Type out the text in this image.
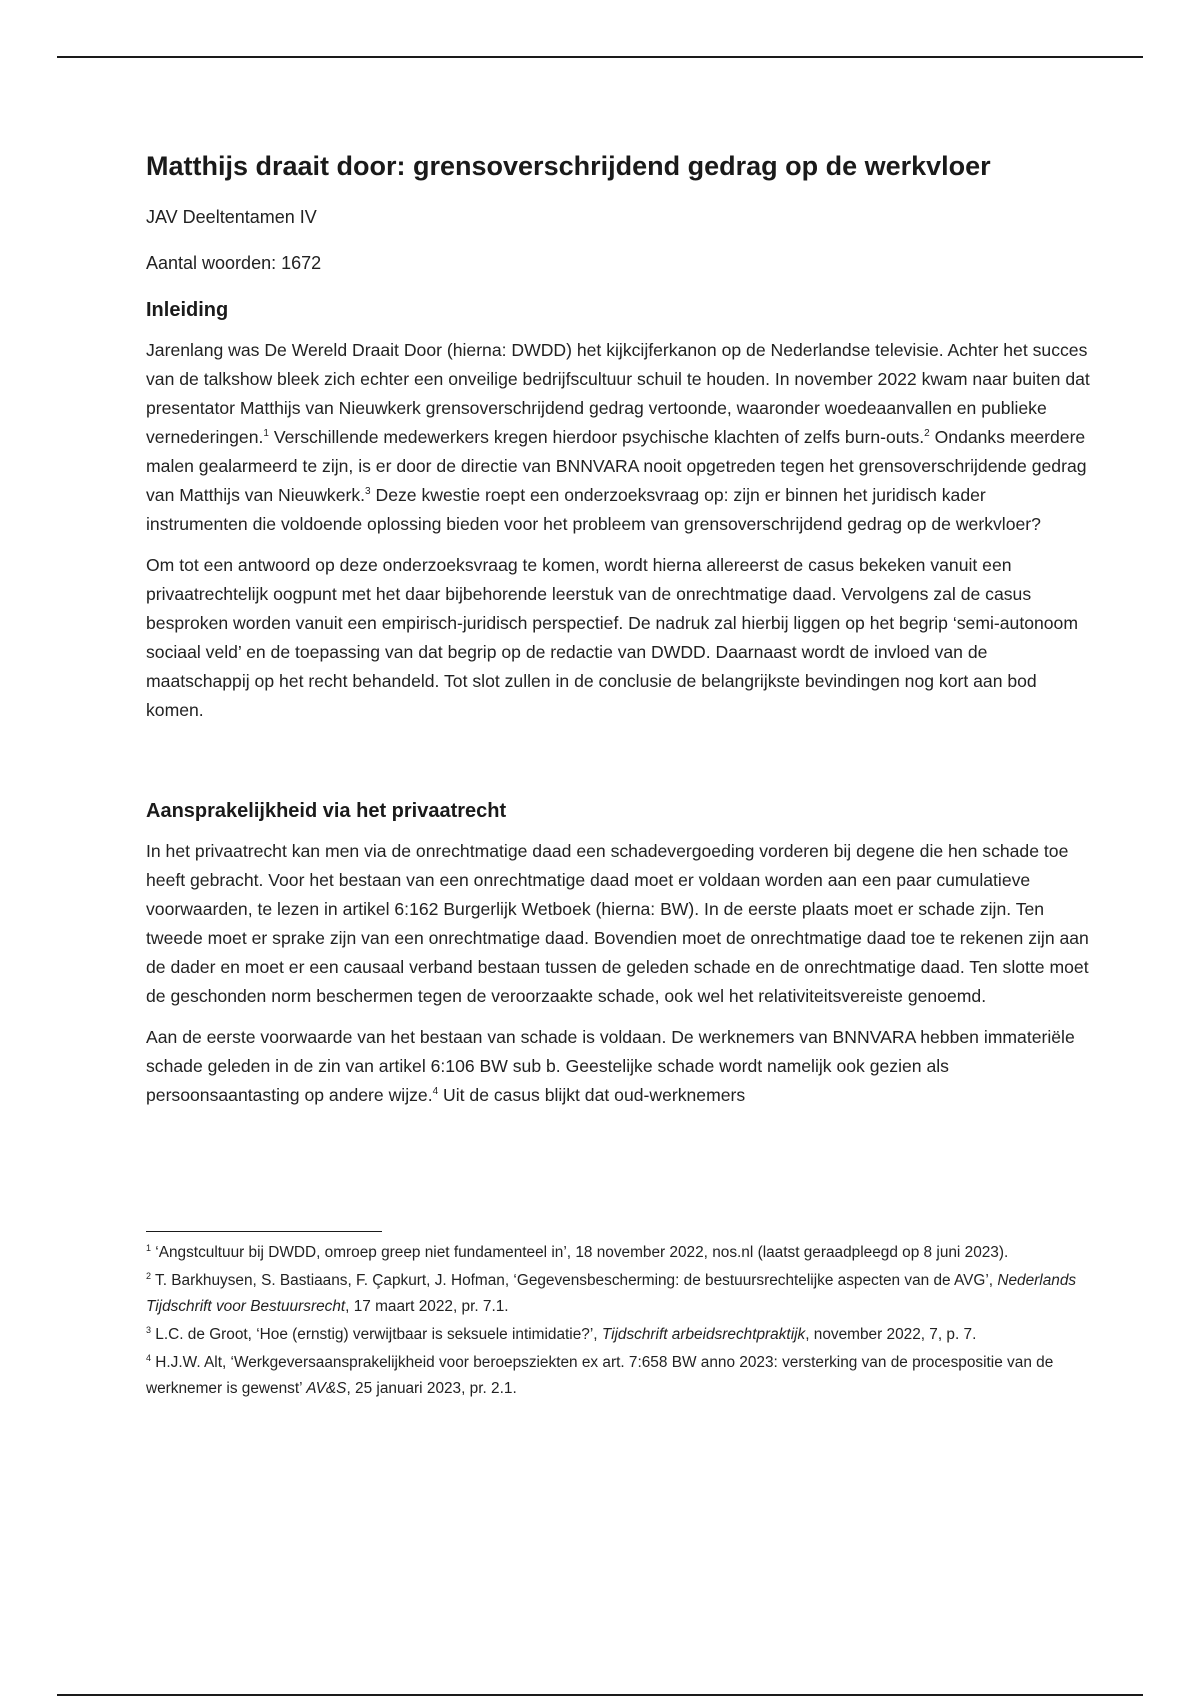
Matthijs draait door: grensoverschrijdend gedrag op de werkvloer
JAV Deeltentamen IV
Aantal woorden: 1672
Inleiding

Jarenlang was De Wereld Draait Door (hierna: DWDD) het kijkcijferkanon op de Nederlandse televisie. Achter het succes van de talkshow bleek zich echter een onveilige bedrijfscultuur schuil te houden. In november 2022 kwam naar buiten dat presentator Matthijs van Nieuwkerk grensoverschrijdend gedrag vertoonde, waaronder woedeaanvallen en publieke vernederingen.$^1$ Verschillende medewerkers kregen hierdoor psychische klachten of zelfs burn-outs.$^2$ Ondanks meerdere malen gealarmeerd te zijn, is er door de directie van BNNVARA nooit opgetreden tegen het grensoverschrijdende gedrag van Matthijs van Nieuwkerk.$^3$ Deze kwestie roept een onderzoeksvraag op: zijn er binnen het juridisch kader instrumenten die voldoende oplossing bieden voor het probleem van grensoverschrijdend gedrag op de werkvloer?

Om tot een antwoord op deze onderzoeksvraag te komen, wordt hierna allereerst de casus bekeken vanuit een privaatrechtelijk oogpunt met het daar bijbehorende leerstuk van de onrechtmatige daad. Vervolgens zal de casus besproken worden vanuit een empirisch-juridisch perspectief. De nadruk zal hierbij liggen op het begrip ‘semi-autonoom sociaal veld’ en de toepassing van dat begrip op de redactie van DWDD. Daarnaast wordt de invloed van de maatschappij op het recht behandeld. Tot slot zullen in de conclusie de belangrijkste bevindingen nog kort aan bod komen.

Aansprakelijkheid via het privaatrecht

In het privaatrecht kan men via de onrechtmatige daad een schadevergoeding vorderen bij degene die hen schade toe heeft gebracht. Voor het bestaan van een onrechtmatige daad moet er voldaan worden aan een paar cumulatieve voorwaarden, te lezen in artikel 6:162 Burgerlijk Wetboek (hierna: BW). In de eerste plaats moet er schade zijn. Ten tweede moet er sprake zijn van een onrechtmatige daad. Bovendien moet de onrechtmatige daad toe te rekenen zijn aan de dader en moet er een causaal verband bestaan tussen de geleden schade en de onrechtmatige daad. Ten slotte moet de geschonden norm beschermen tegen de veroorzaakte schade, ook wel het relativiteitsvereiste genoemd.

Aan de eerste voorwaarde van het bestaan van schade is voldaan. De werknemers van BNNVARA hebben immateriële schade geleden in de zin van artikel 6:106 BW sub b. Geestelijke schade wordt namelijk ook gezien als persoonsaantasting op andere wijze.$^4$ Uit de casus blijkt dat oud-werknemers

$^1$ ‘Angstcultuur bij DWDD, omroep greep niet fundamenteel in’, 18 november 2022, nos.nl (laatst geraadpleegd op 8 juni 2023).
$^2$ T. Barkhuysen, S. Bastiaans, F. Çapkurt, J. Hofman, ‘Gegevensbescherming: de bestuursrechtelijke aspecten van de AVG’, Nederlands Tijdschrift voor Bestuursrecht, 17 maart 2022, pr. 7.1.
$^3$ L.C. de Groot, ‘Hoe (ernstig) verwijtbaar is seksuele intimidatie?’, Tijdschrift arbeidsrechtpraktijk, november 2022, 7, p. 7.
$^4$ H.J.W. Alt, ‘Werkgeversaansprakelijkheid voor beroepsziekten ex art. 7:658 BW anno 2023: versterking van de procespositie van de werknemer is gewenst’ AV&S, 25 januari 2023, pr. 2.1.
